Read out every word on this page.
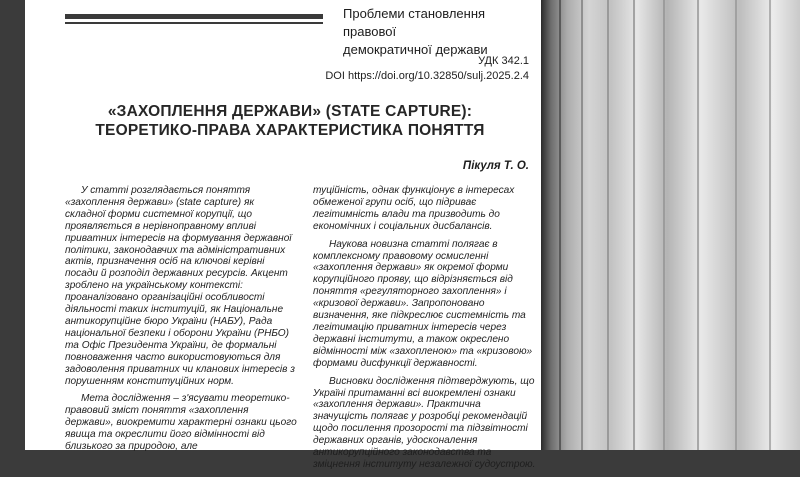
Проблеми становлення правової
демократичної держави
УДК 342.1
DOI https://doi.org/10.32850/sulj.2025.2.4
«ЗАХОПЛЕННЯ ДЕРЖАВИ» (STATE CAPTURE):
ТЕОРЕТИКО-ПРАВА ХАРАКТЕРИСТИКА ПОНЯТТЯ
Пікуля Т. О.

У статті розглядається поняття «захоплення держави» (state capture) як складної форми системної корупції, що проявляється в нерівноправному впливі приватних інтересів на формування державної політики, законодавчих та адміністративних актів, призначення осіб на ключові керівні посади й розподіл державних ресурсів. Акцент зроблено на українському контексті: проаналізовано організаційні особливості діяльності таких інституцій, як Національне антикорупційне бюро України (НАБУ), Рада національної безпеки і оборони України (РНБО) та Офіс Президента України, де формальні повноваження часто використовуються для задоволення приватних чи кланових інтересів з порушенням конституційних норм.

Мета дослідження – з'ясувати теоретико-правовий зміст поняття «захоплення держави», виокремити характерні ознаки цього явища та окреслити його відмінності від близького за природою, але

туційність, однак функціонує в інтересах обмеженої групи осіб, що підриває легітимність влади та призводить до економічних і соціальних дисбалансів.

Наукова новизна статті полягає в комплексному правовому осмисленні «захоплення держави» як окремої форми корупційного прояву, що відрізняється від поняття «регуляторного захоплення» і «кризової держави». Запропоновано визначення, яке підкреслює системність та легітимацію приватних інтересів через державні інститути, а також окреслено відмінності між «захопленою» та «кризовою» формами дисфункції державності.

Висновки дослідження підтверджують, що Україні притаманні всі виокремлені ознаки «захоплення держави». Практична значущість полягає у розробці рекомендацій щодо посилення прозорості та підзвітності державних органів, удосконалення антикорупційного законодавства та зміцнення інституту незалежної судоустрою.
